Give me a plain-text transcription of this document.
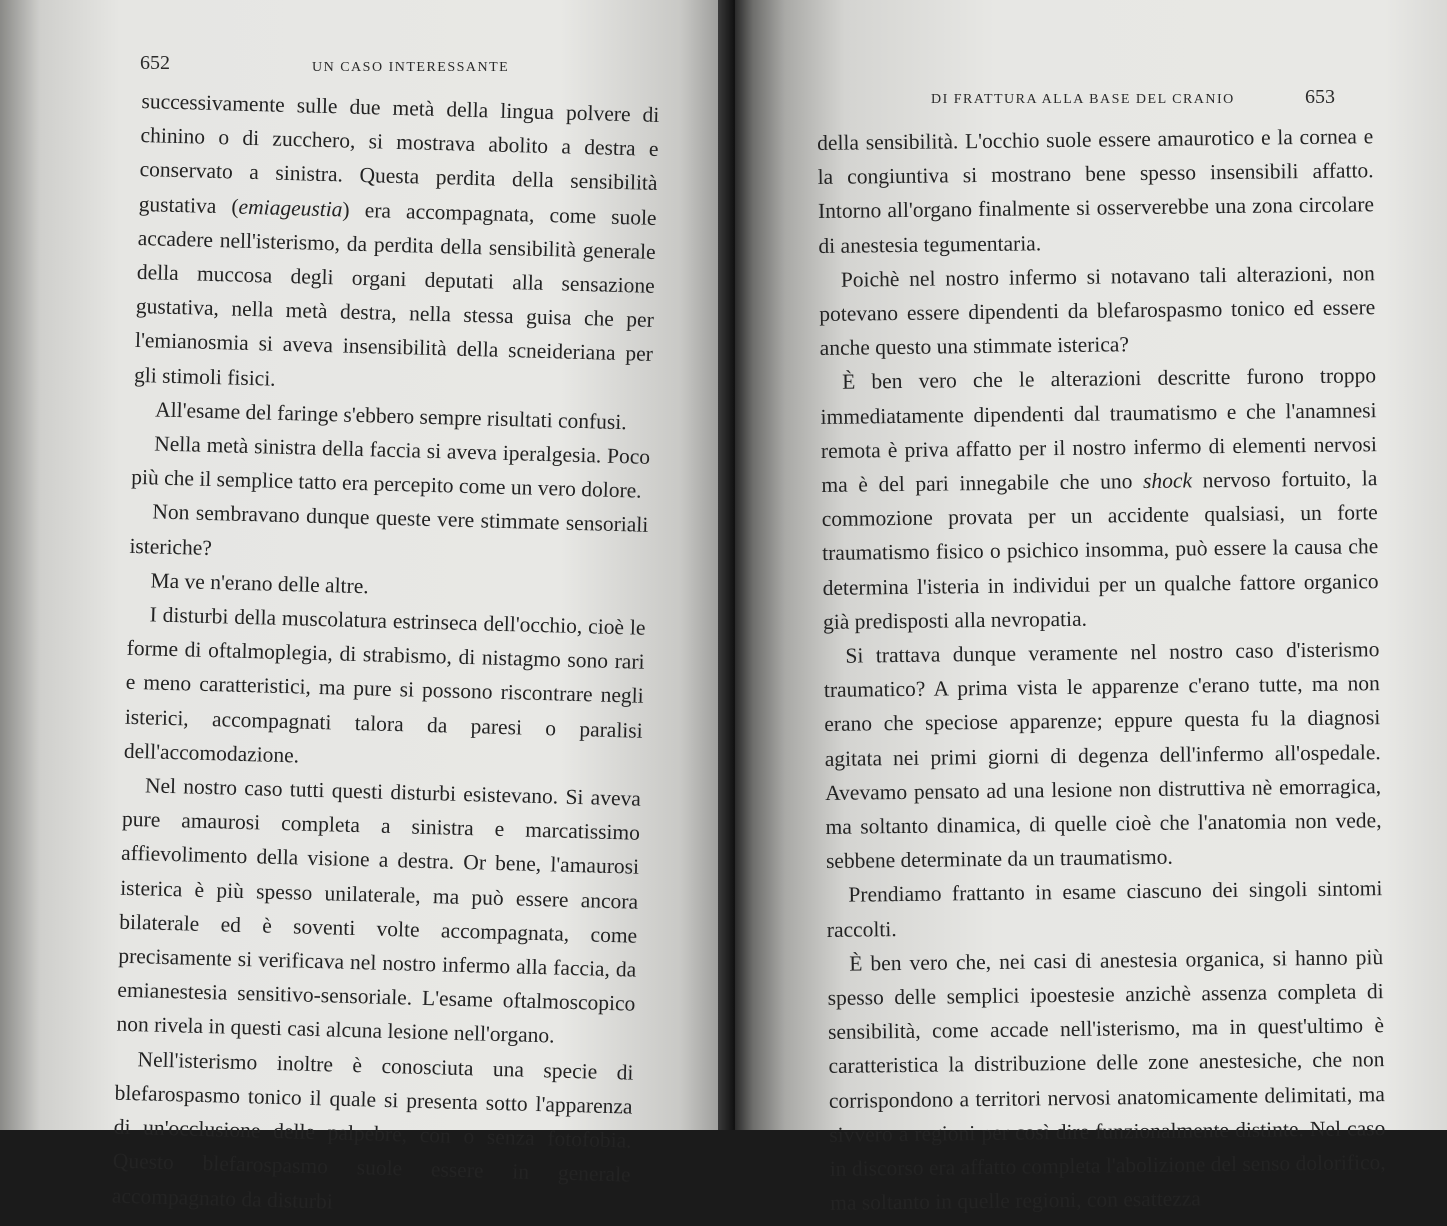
652	UN CASO INTERESSANTE

successivamente sulle due metà della lingua polvere di chinino o di zucchero, si mostrava abolito a destra e conservato a sinistra. Questa perdita della sensibilità gustativa (emiageustia) era accompagnata, come suole accadere nell'isterismo, da perdita della sensibilità generale della muccosa degli organi deputati alla sensazione gustativa, nella metà destra, nella stessa guisa che per l'emianosmia si aveva insensibilità della scneideriana per gli stimoli fisici.

All'esame del faringe s'ebbero sempre risultati confusi.

Nella metà sinistra della faccia si aveva iperalgesia. Poco più che il semplice tatto era percepito come un vero dolore.

Non sembravano dunque queste vere stimmate sensoriali isteriche?

Ma ve n'erano delle altre.

I disturbi della muscolatura estrinseca dell'occhio, cioè le forme di oftalmoplegia, di strabismo, di nistagmo sono rari e meno caratteristici, ma pure si possono riscontrare negli isterici, accompagnati talora da paresi o paralisi dell'accomodazione.

Nel nostro caso tutti questi disturbi esistevano. Si aveva pure amaurosi completa a sinistra e marcatissimo affievolimento della visione a destra. Or bene, l'amaurosi isterica è più spesso unilaterale, ma può essere ancora bilaterale ed è soventi volte accompagnata, come precisamente si verificava nel nostro infermo alla faccia, da emianestesia sensitivo-sensoriale. L'esame oftalmoscopico non rivela in questi casi alcuna lesione nell'organo.

Nell'isterismo inoltre è conosciuta una specie di blefarospasmo tonico il quale si presenta sotto l'apparenza di un'occlusione delle palpebre, con o senza fotofobia. Questo blefarospasmo suole essere in generale accompagnato da disturbi

DI FRATTURA ALLA BASE DEL CRANIO	653

della sensibilità. L'occhio suole essere amaurotico e la cornea e la congiuntiva si mostrano bene spesso insensibili affatto. Intorno all'organo finalmente si osserverebbe una zona circolare di anestesia tegumentaria.

Poichè nel nostro infermo si notavano tali alterazioni, non potevano essere dipendenti da blefarospasmo tonico ed essere anche questo una stimmate isterica?

È ben vero che le alterazioni descritte furono troppo immediatamente dipendenti dal traumatismo e che l'anamnesi remota è priva affatto per il nostro infermo di elementi nervosi ma è del pari innegabile che uno shock nervoso fortuito, la commozione provata per un accidente qualsiasi, un forte traumatismo fisico o psichico insomma, può essere la causa che determina l'isteria in individui per un qualche fattore organico già predisposti alla nevropatia.

Si trattava dunque veramente nel nostro caso d'isterismo traumatico? A prima vista le apparenze c'erano tutte, ma non erano che speciose apparenze; eppure questa fu la diagnosi agitata nei primi giorni di degenza dell'infermo all'ospedale. Avevamo pensato ad una lesione non distruttiva nè emorragica, ma soltanto dinamica, di quelle cioè che l'anatomia non vede, sebbene determinate da un traumatismo.

Prendiamo frattanto in esame ciascuno dei singoli sintomi raccolti.

È ben vero che, nei casi di anestesia organica, si hanno più spesso delle semplici ipoestesie anzichè assenza completa di sensibilità, come accade nell'isterismo, ma in quest'ultimo è caratteristica la distribuzione delle zone anestesiche, che non corrispondono a territori nervosi anatomicamente delimitati, ma sivvero a regioni per così dire funzionalmente distinte. Nel caso in discorso era affatto completa l'abolizione del senso dolorifico, ma soltanto in quelle regioni, con esattezza
